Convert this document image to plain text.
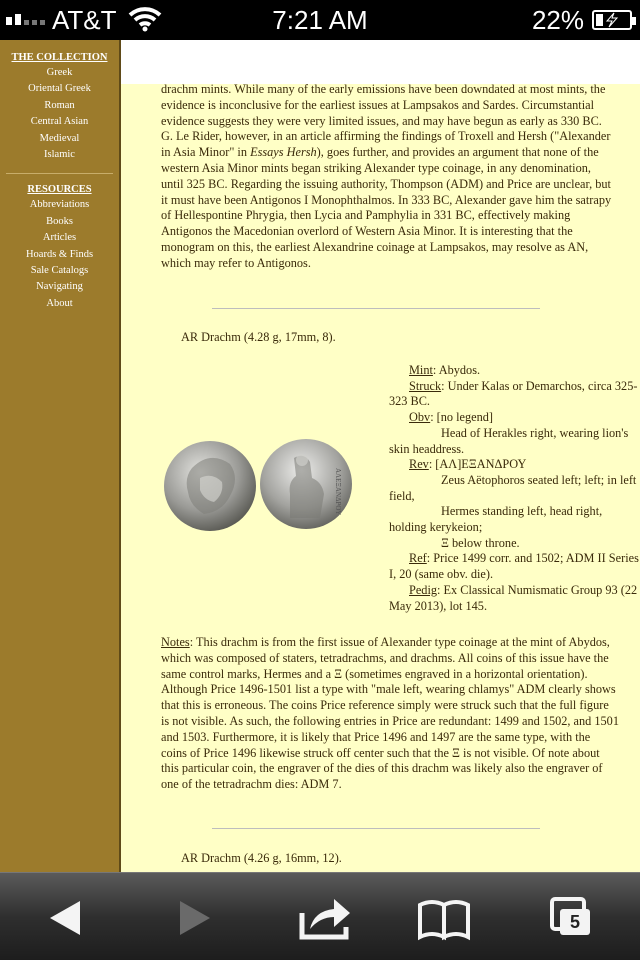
AT&T	7:21 AM	22%
THE COLLECTION
Greek
Oriental Greek
Roman
Central Asian
Medieval
Islamic
RESOURCES
Abbreviations
Books
Articles
Hoards & Finds
Sale Catalogs
Navigating
About

drachm mints. While many of the early emissions have been downdated at most mints, the evidence is inconclusive for the earliest issues at Lampsakos and Sardes. Circumstantial evidence suggests they were very limited issues, and may have begun as early as 330 BC. G. Le Rider, however, in an article affirming the findings of Troxell and Hersh ("Alexander in Asia Minor" in Essays Hersh), goes further, and provides an argument that none of the western Asia Minor mints began striking Alexander type coinage, in any denomination, until 325 BC. Regarding the issuing authority, Thompson (ADM) and Price are unclear, but it must have been Antigonos I Monophthalmos. In 333 BC, Alexander gave him the satrapy of Hellespontine Phrygia, then Lycia and Pamphylia in 331 BC, effectively making Antigonos the Macedonian overlord of Western Asia Minor. It is interesting that the monogram on this, the earliest Alexandrine coinage at Lampsakos, may resolve as AN, which may refer to Antigonos.

AR Drachm (4.28 g, 17mm, 8).
ΑΛΕΞΑΝΔΡΟΥ
Mint: Abydos.
Struck: Under Kalas or Demarchos, circa 325-323 BC.
Obv: [no legend]
Head of Herakles right, wearing lion's skin headdress.
Rev: [ΑΛ]ΕΞΑΝΔΡΟΥ
Zeus Aëtophoros seated left; left; in left field,
Hermes standing left, head right, holding kerykeion;
Ξ below throne.
Ref: Price 1499 corr. and 1502; ADM II Series I, 20 (same obv. die).
Pedig: Ex Classical Numismatic Group 93 (22 May 2013), lot 145.

Notes: This drachm is from the first issue of Alexander type coinage at the mint of Abydos, which was composed of staters, tetradrachms, and drachms. All coins of this issue have the same control marks, Hermes and a Ξ (sometimes engraved in a horizontal orientation). Although Price 1496-1501 list a type with "male left, wearing chlamys" ADM clearly shows that this is erroneous. The coins Price reference simply were struck such that the full figure is not visible. As such, the following entries in Price are redundant: 1499 and 1502, and 1501 and 1503. Furthermore, it is likely that Price 1496 and 1497 are the same type, with the coins of Price 1496 likewise struck off center such that the Ξ is not visible. Of note about this particular coin, the engraver of the dies of this drachm was likely also the engraver of one of the tetradrachm dies: ADM 7.

AR Drachm (4.26 g, 16mm, 12).
5
